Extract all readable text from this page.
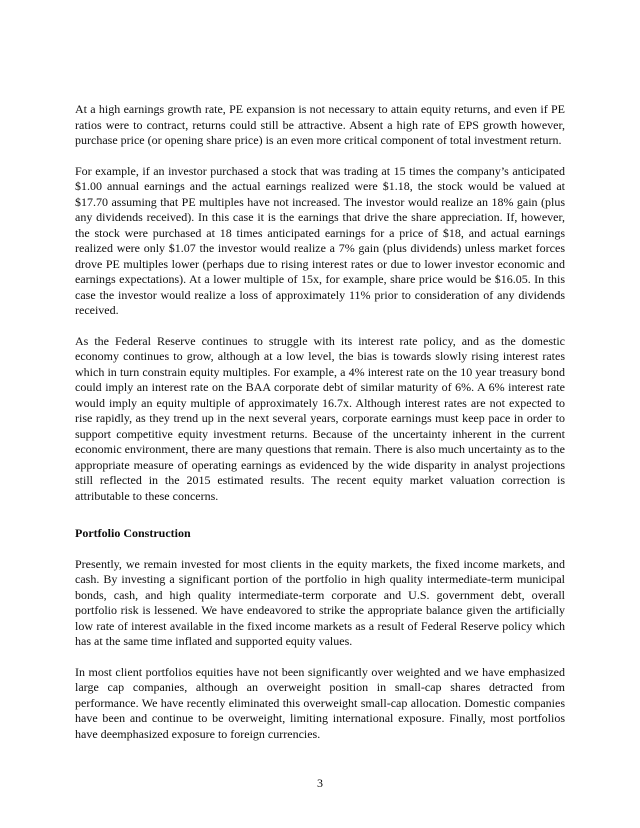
At a high earnings growth rate, PE expansion is not necessary to attain equity returns, and even if PE ratios were to contract, returns could still be attractive. Absent a high rate of EPS growth however, purchase price (or opening share price) is an even more critical component of total investment return.

For example, if an investor purchased a stock that was trading at 15 times the company’s anticipated $1.00 annual earnings and the actual earnings realized were $1.18, the stock would be valued at $17.70 assuming that PE multiples have not increased. The investor would realize an 18% gain (plus any dividends received). In this case it is the earnings that drive the share appreciation. If, however, the stock were purchased at 18 times anticipated earnings for a price of $18, and actual earnings realized were only $1.07 the investor would realize a 7% gain (plus dividends) unless market forces drove PE multiples lower (perhaps due to rising interest rates or due to lower investor economic and earnings expectations). At a lower multiple of 15x, for example, share price would be $16.05. In this case the investor would realize a loss of approximately 11% prior to consideration of any dividends received.

As the Federal Reserve continues to struggle with its interest rate policy, and as the domestic economy continues to grow, although at a low level, the bias is towards slowly rising interest rates which in turn constrain equity multiples. For example, a 4% interest rate on the 10 year treasury bond could imply an interest rate on the BAA corporate debt of similar maturity of 6%. A 6% interest rate would imply an equity multiple of approximately 16.7x. Although interest rates are not expected to rise rapidly, as they trend up in the next several years, corporate earnings must keep pace in order to support competitive equity investment returns. Because of the uncertainty inherent in the current economic environment, there are many questions that remain. There is also much uncertainty as to the appropriate measure of operating earnings as evidenced by the wide disparity in analyst projections still reflected in the 2015 estimated results. The recent equity market valuation correction is attributable to these concerns.

Portfolio Construction

Presently, we remain invested for most clients in the equity markets, the fixed income markets, and cash. By investing a significant portion of the portfolio in high quality intermediate-term municipal bonds, cash, and high quality intermediate-term corporate and U.S. government debt, overall portfolio risk is lessened. We have endeavored to strike the appropriate balance given the artificially low rate of interest available in the fixed income markets as a result of Federal Reserve policy which has at the same time inflated and supported equity values.

In most client portfolios equities have not been significantly over weighted and we have emphasized large cap companies, although an overweight position in small-cap shares detracted from performance. We have recently eliminated this overweight small-cap allocation. Domestic companies have been and continue to be overweight, limiting international exposure. Finally, most portfolios have deemphasized exposure to foreign currencies.

3
